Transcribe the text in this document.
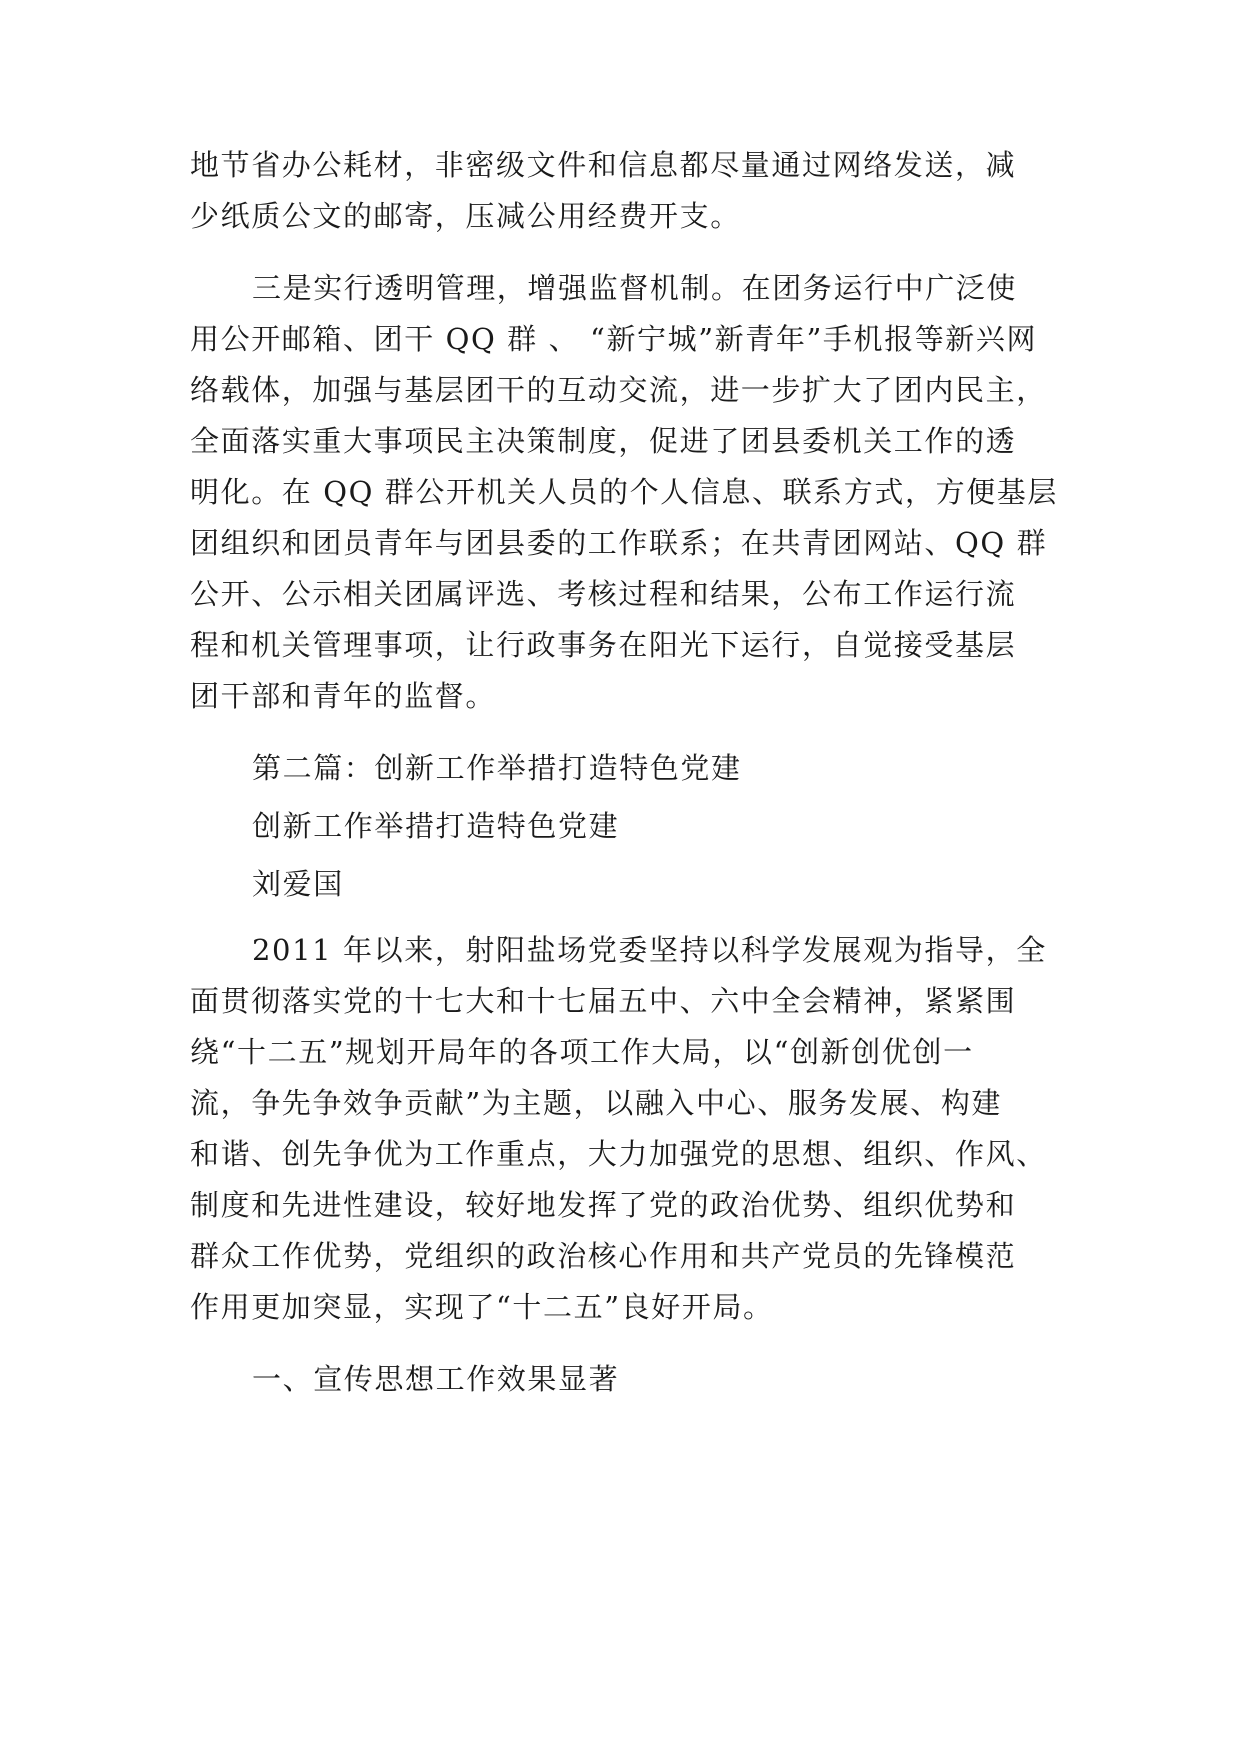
地节省办公耗材，非密级文件和信息都尽量通过网络发送，减

少纸质公文的邮寄，压减公用经费开支。

三是实行透明管理，增强监督机制。在团务运行中广泛使

用公开邮箱、团干 QQ 群 、 “新宁城”新青年”手机报等新兴网

络载体，加强与基层团干的互动交流，进一步扩大了团内民主，

全面落实重大事项民主决策制度，促进了团县委机关工作的透

明化。在 QQ 群公开机关人员的个人信息、联系方式，方便基层

团组织和团员青年与团县委的工作联系；在共青团网站、QQ 群

公开、公示相关团属评选、考核过程和结果，公布工作运行流

程和机关管理事项，让行政事务在阳光下运行，自觉接受基层

团干部和青年的监督。

第二篇：创新工作举措打造特色党建

创新工作举措打造特色党建

刘爱国

2011 年以来，射阳盐场党委坚持以科学发展观为指导，全

面贯彻落实党的十七大和十七届五中、六中全会精神，紧紧围

绕“十二五”规划开局年的各项工作大局，以“创新创优创一

流，争先争效争贡献”为主题，以融入中心、服务发展、构建

和谐、创先争优为工作重点，大力加强党的思想、组织、作风、

制度和先进性建设，较好地发挥了党的政治优势、组织优势和

群众工作优势，党组织的政治核心作用和共产党员的先锋模范

作用更加突显，实现了“十二五”良好开局。

一、宣传思想工作效果显著
